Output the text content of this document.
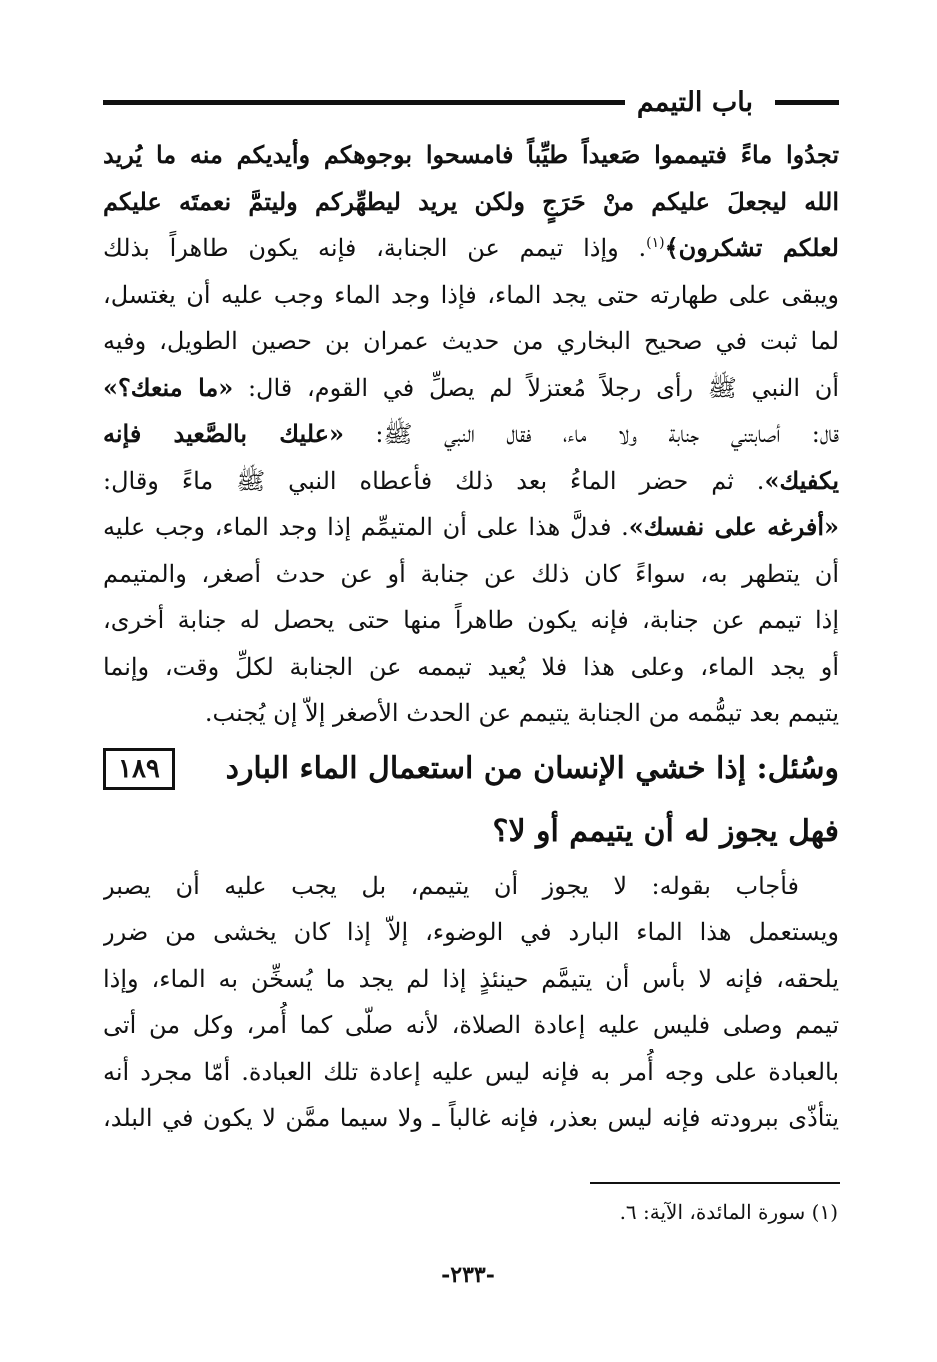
باب التيمم
تجدُوا ماءً فتيمموا صَعيداً طيِّباً فامسحوا بوجوهكم وأيديكم منه ما يُريد
الله ليجعلَ عليكم منْ حَرَجٍ ولكن يريد ليطهِّركم وليتمَّ نعمتَه عليكم
لعلكم تشكرون﴾$^{(١)}$. وإذا تيمم عن الجنابة، فإنه يكون طاهراً بذلك
ويبقى على طهارته حتى يجد الماء، فإذا وجد الماء وجب عليه أن يغتسل،
لما ثبت في صحيح البخاري من حديث عمران بن حصين الطويل، وفيه
أن النبي ﷺ رأى رجلاً مُعتزلاً لم يصلِّ في القوم، قال: «ما منعك؟»
قال: أصابتني جنابة ولا ماء، فقال النبي ﷺ: «عليك بالصَّعيد فإنه
يكفيك». ثم حضر الماءُ بعد ذلك فأعطاه النبي ﷺ ماءً وقال:
«أفرغه على نفسك». فدلَّ هذا على أن المتيمِّم إذا وجد الماء، وجب عليه
أن يتطهر به، سواءً كان ذلك عن جنابة أو عن حدث أصغر، والمتيمم
إذا تيمم عن جنابة، فإنه يكون طاهراً منها حتى يحصل له جنابة أخرى،
أو يجد الماء، وعلى هذا فلا يُعيد تيممه عن الجنابة لكلِّ وقت، وإنما
يتيمم بعد تيمُّمه من الجنابة يتيمم عن الحدث الأصغر إلاّ إن يُجنب.
وسُئل: إذا خشي الإنسان من استعمال الماء البارد
١٨٩
فهل يجوز له أن يتيمم أو لا؟
فأجاب بقوله: لا يجوز أن يتيمم، بل يجب عليه أن يصبر
ويستعمل هذا الماء البارد في الوضوء، إلاّ إذا كان يخشى من ضرر
يلحقه، فإنه لا بأس أن يتيمَّم حينئذٍ إذا لم يجد ما يُسخِّن به الماء، وإذا
تيمم وصلى فليس عليه إعادة الصلاة، لأنه صلّى كما أُمر، وكل من أتى
بالعبادة على وجه أُمر به فإنه ليس عليه إعادة تلك العبادة. أمّا مجرد أنه
يتأذّى ببرودته فإنه ليس بعذر، فإنه غالباً ـ ولا سيما ممَّن لا يكون في البلد،
(١) سورة المائدة، الآية: ٦.
-٢٣٣-
